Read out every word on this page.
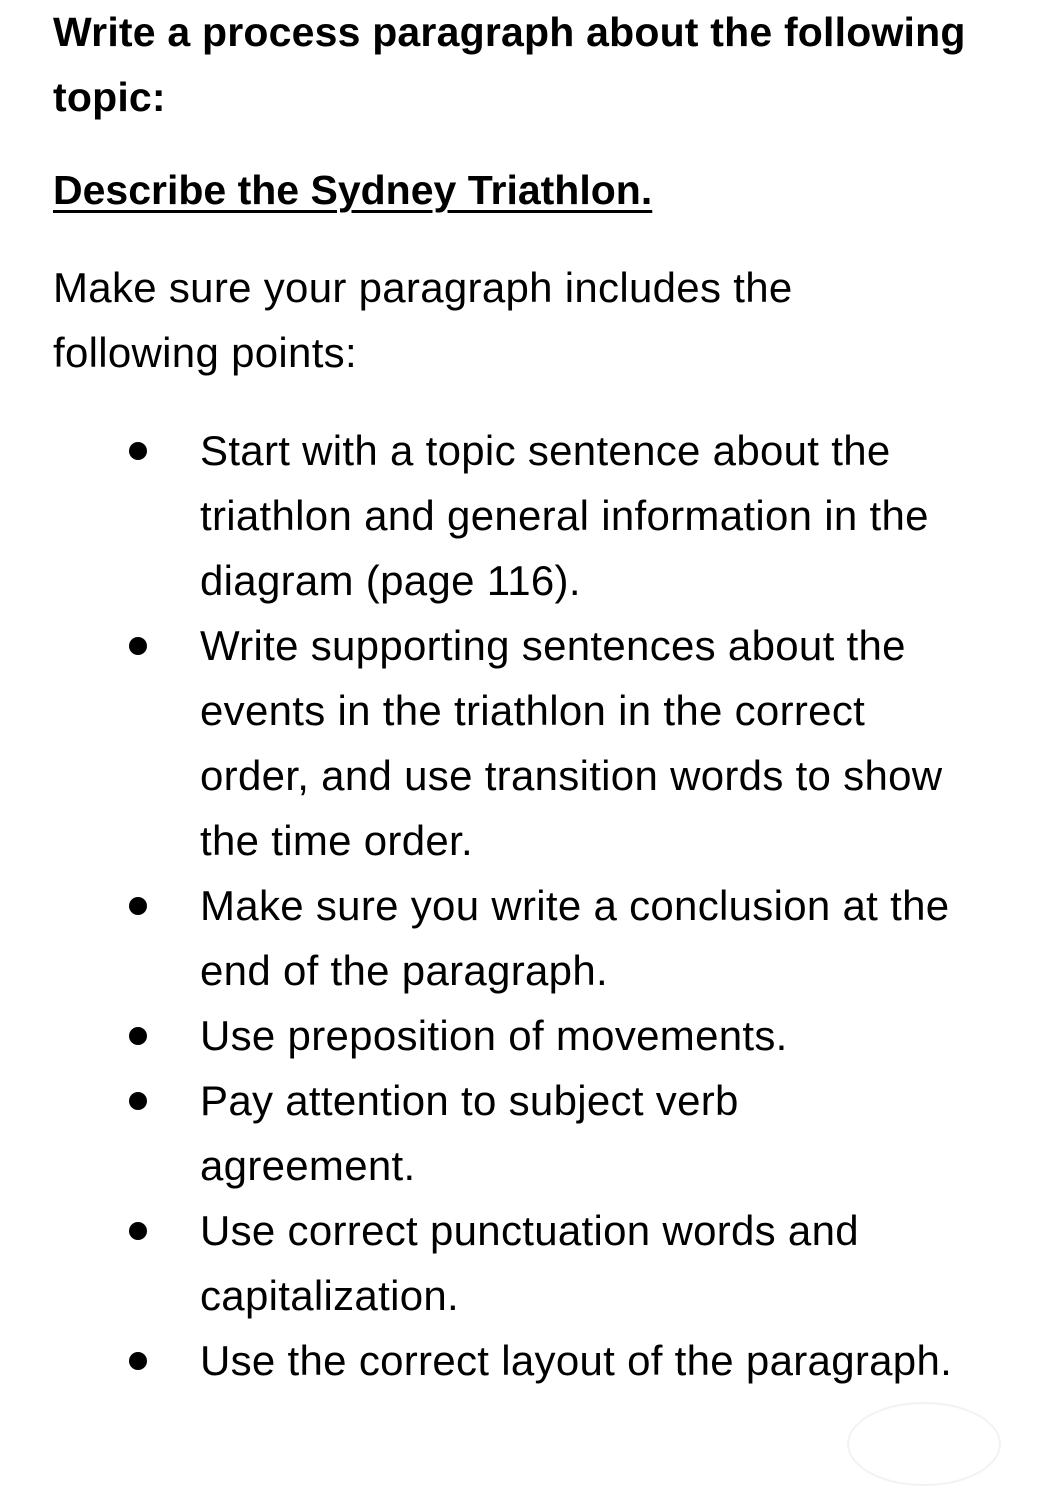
Write a process paragraph about the following
topic:
Describe the Sydney Triathlon.

Make sure your paragraph includes the
following points:

Start with a topic sentence about the
triathlon and general information in the
diagram (page 116).
Write supporting sentences about the
events in the triathlon in the correct
order, and use transition words to show
the time order.
Make sure you write a conclusion at the
end of the paragraph.
Use preposition of movements.
Pay attention to subject verb
agreement.
Use correct punctuation words and
capitalization.
Use the correct layout of the paragraph.
